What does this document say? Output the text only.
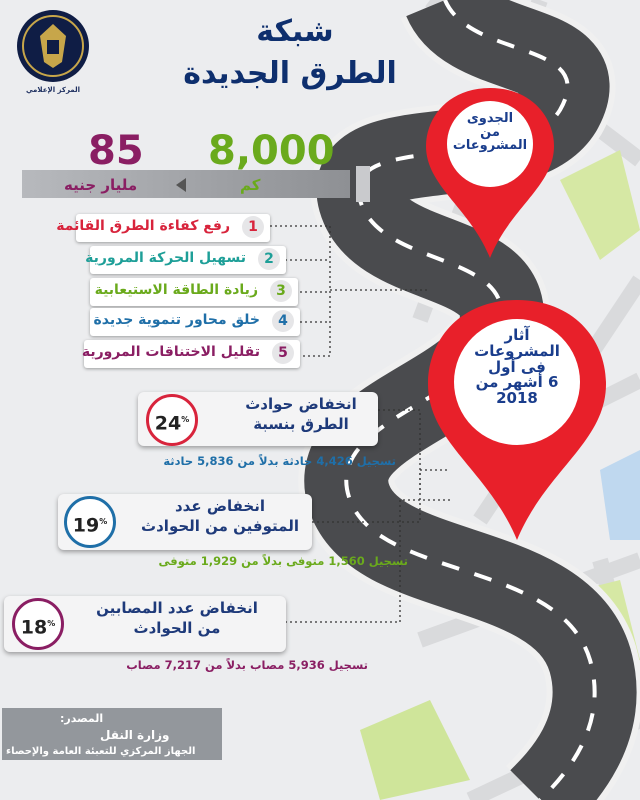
المركز الإعلامي
شبكة
الطرق الجديدة
8,000
كم
85
مليار جنيه
1
رفع كفاءة الطرق القائمة
2
تسهيل الحركة المرورية
3
زيادة الطاقة الاستيعابية
4
خلق محاور تنموية جديدة
5
تقليل الاختناقات المرورية
الجدوى
من
المشروعات
آثار
المشروعات
فى أول
6 أشهر من
2018
انخفاض حوادث
الطرق بنسبة
24%
تسجيل 4,426 حادثة بدلاً من 5,836 حادثة
انخفاض عدد
المتوفين من الحوادث
19%
تسجيل 1,560 متوفى بدلاً من 1,929 متوفى
انخفاض عدد المصابين
من الحوادث
18%
تسجيل 5,936 مصاب بدلاً من 7,217 مصاب
المصدر:
وزارة النقل
الجهاز المركزي للتعبئة العامة والإحصاء
